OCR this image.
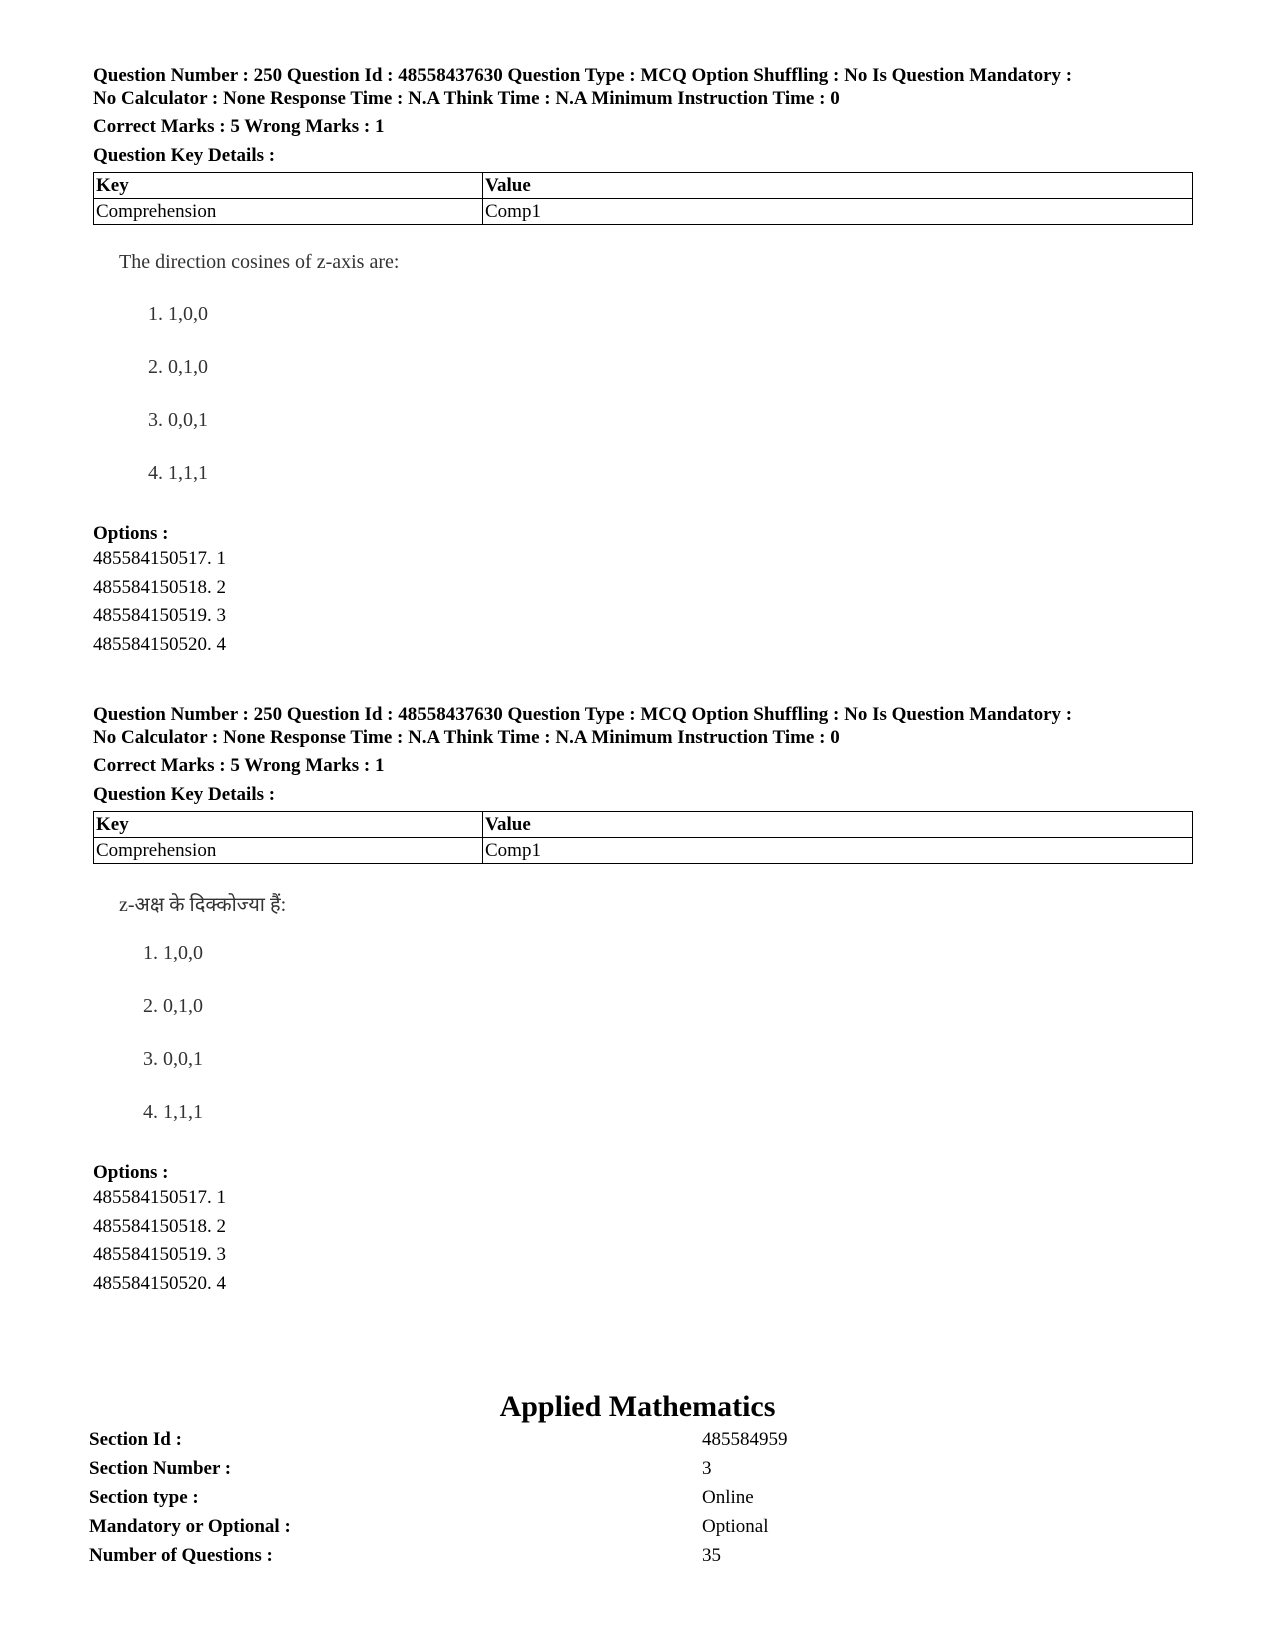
Question Number : 250 Question Id : 48558437630 Question Type : MCQ Option Shuffling : No Is Question Mandatory :

No Calculator : None Response Time : N.A Think Time : N.A Minimum Instruction Time : 0

Correct Marks : 5 Wrong Marks : 1

Question Key Details :

Key	Value
Comprehension	Comp1
The direction cosines of z-axis are:
1. 1,0,0
2. 0,1,0
3. 0,0,1
4. 1,1,1

Options :

485584150517. 1

485584150518. 2

485584150519. 3

485584150520. 4

Question Number : 250 Question Id : 48558437630 Question Type : MCQ Option Shuffling : No Is Question Mandatory :

No Calculator : None Response Time : N.A Think Time : N.A Minimum Instruction Time : 0

Correct Marks : 5 Wrong Marks : 1

Question Key Details :

Key	Value
Comprehension	Comp1
z-अक्ष के दिक्कोज्या हैं:
1. 1,0,0
2. 0,1,0
3. 0,0,1
4. 1,1,1

Options :

485584150517. 1

485584150518. 2

485584150519. 3

485584150520. 4

Applied Mathematics

Section Id :	485584959
Section Number :	3
Section type :	Online
Mandatory or Optional :	Optional
Number of Questions :	35
